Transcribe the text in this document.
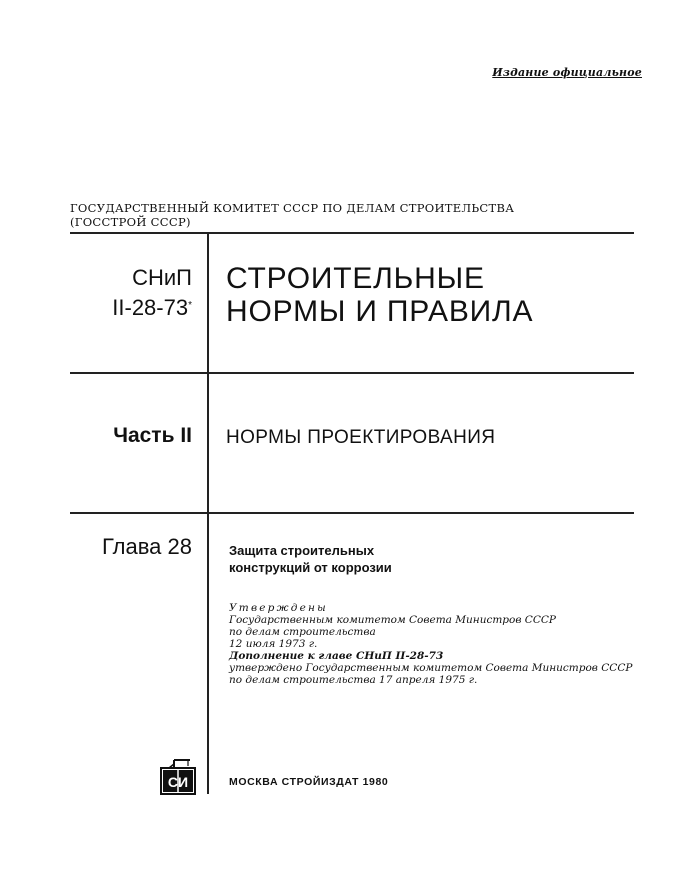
Издание официальное
ГОСУДАРСТВЕННЫЙ КОМИТЕТ СССР ПО ДЕЛАМ СТРОИТЕЛЬСТВА
(ГОССТРОЙ СССР)
СНиП
II-28-73*
СТРОИТЕЛЬНЫЕ
НОРМЫ И ПРАВИЛА
Часть II НОРМЫ ПРОЕКТИРОВАНИЯ
Глава 28	Защита строительных
конструкций от коррозии
Утверждены
Государственным комитетом Совета Министров СССР
по делам строительства
12 июля 1973 г.
Дополнение к главе СНиП II-28-73
утверждено Государственным комитетом Совета Министров СССР
по делам строительства 17 апреля 1975 г.
СИ	МОСКВА СТРОЙИЗДАТ 1980
